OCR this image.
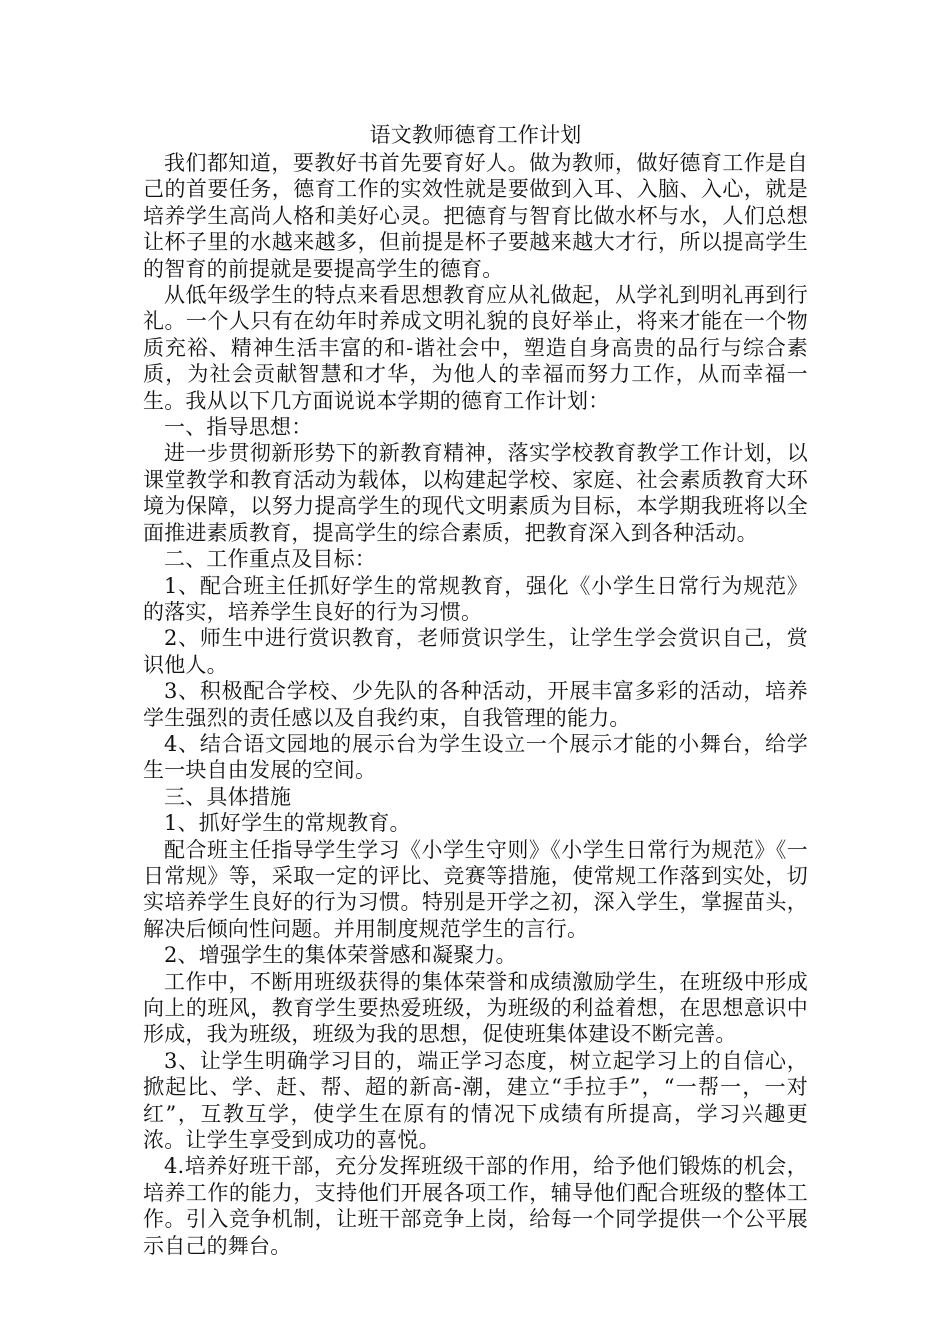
语文教师德育工作计划

我们都知道，要教好书首先要育好人。做为教师，做好德育工作是自己的首要任务，德育工作的实效性就是要做到入耳、入脑、入心，就是培养学生高尚人格和美好心灵。把德育与智育比做水杯与水，人们总想让杯子里的水越来越多，但前提是杯子要越来越大才行，所以提高学生的智育的前提就是要提高学生的德育。

从低年级学生的特点来看思想教育应从礼做起，从学礼到明礼再到行礼。一个人只有在幼年时养成文明礼貌的良好举止，将来才能在一个物质充裕、精神生活丰富的和-谐社会中，塑造自身高贵的品行与综合素质，为社会贡献智慧和才华，为他人的幸福而努力工作，从而幸福一生。我从以下几方面说说本学期的德育工作计划：

一、指导思想：

进一步贯彻新形势下的新教育精神，落实学校教育教学工作计划，以课堂教学和教育活动为载体，以构建起学校、家庭、社会素质教育大环境为保障，以努力提高学生的现代文明素质为目标，本学期我班将以全面推进素质教育，提高学生的综合素质，把教育深入到各种活动。

二、工作重点及目标：

1、配合班主任抓好学生的常规教育，强化《小学生日常行为规范》的落实，培养学生良好的行为习惯。

2、师生中进行赏识教育，老师赏识学生，让学生学会赏识自己，赏识他人。

3、积极配合学校、少先队的各种活动，开展丰富多彩的活动，培养学生强烈的责任感以及自我约束，自我管理的能力。

4、结合语文园地的展示台为学生设立一个展示才能的小舞台，给学生一块自由发展的空间。

三、具体措施

1、抓好学生的常规教育。

配合班主任指导学生学习《小学生守则》《小学生日常行为规范》《一日常规》等，采取一定的评比、竞赛等措施，使常规工作落到实处，切实培养学生良好的行为习惯。特别是开学之初，深入学生，掌握苗头，解决后倾向性问题。并用制度规范学生的言行。

2、增强学生的集体荣誉感和凝聚力。

工作中，不断用班级获得的集体荣誉和成绩激励学生，在班级中形成向上的班风，教育学生要热爱班级，为班级的利益着想，在思想意识中形成，我为班级，班级为我的思想，促使班集体建设不断完善。

3、让学生明确学习目的，端正学习态度，树立起学习上的自信心，掀起比、学、赶、帮、超的新高-潮，建立“手拉手”，“一帮一，一对红”，互教互学，使学生在原有的情况下成绩有所提高，学习兴趣更浓。让学生享受到成功的喜悦。

4.培养好班干部，充分发挥班级干部的作用，给予他们锻炼的机会，培养工作的能力，支持他们开展各项工作，辅导他们配合班级的整体工作。引入竞争机制，让班干部竞争上岗，给每一个同学提供一个公平展示自己的舞台。
